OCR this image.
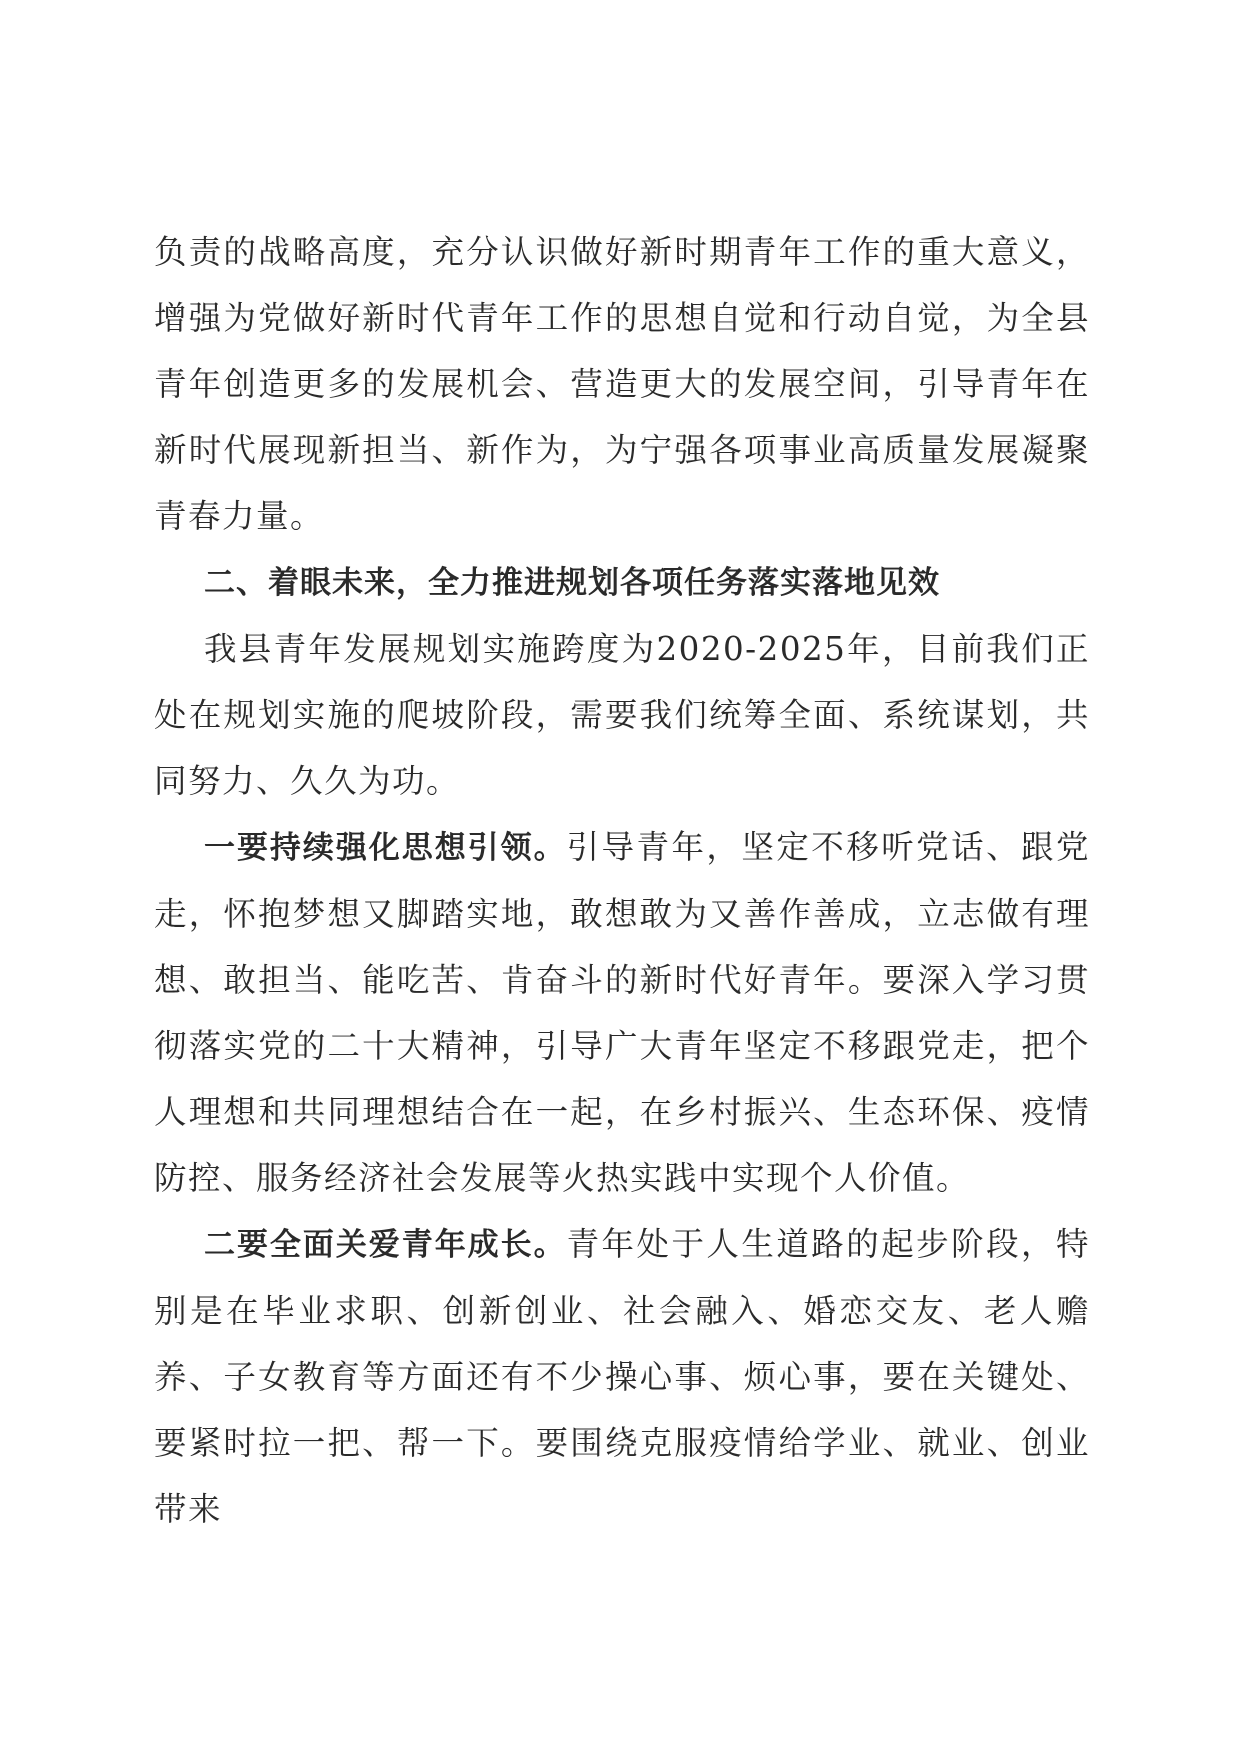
负责的战略高度，充分认识做好新时期青年工作的重大意义，增强为党做好新时代青年工作的思想自觉和行动自觉，为全县青年创造更多的发展机会、营造更大的发展空间，引导青年在新时代展现新担当、新作为，为宁强各项事业高质量发展凝聚青春力量。

二、着眼未来，全力推进规划各项任务落实落地见效

我县青年发展规划实施跨度为2020-2025年，目前我们正处在规划实施的爬坡阶段，需要我们统筹全面、系统谋划，共同努力、久久为功。

一要持续强化思想引领。引导青年，坚定不移听党话、跟党走，怀抱梦想又脚踏实地，敢想敢为又善作善成，立志做有理想、敢担当、能吃苦、肯奋斗的新时代好青年。要深入学习贯彻落实党的二十大精神，引导广大青年坚定不移跟党走，把个人理想和共同理想结合在一起，在乡村振兴、生态环保、疫情防控、服务经济社会发展等火热实践中实现个人价值。

二要全面关爱青年成长。青年处于人生道路的起步阶段，特别是在毕业求职、创新创业、社会融入、婚恋交友、老人赡养、子女教育等方面还有不少操心事、烦心事，要在关键处、要紧时拉一把、帮一下。要围绕克服疫情给学业、就业、创业带来
